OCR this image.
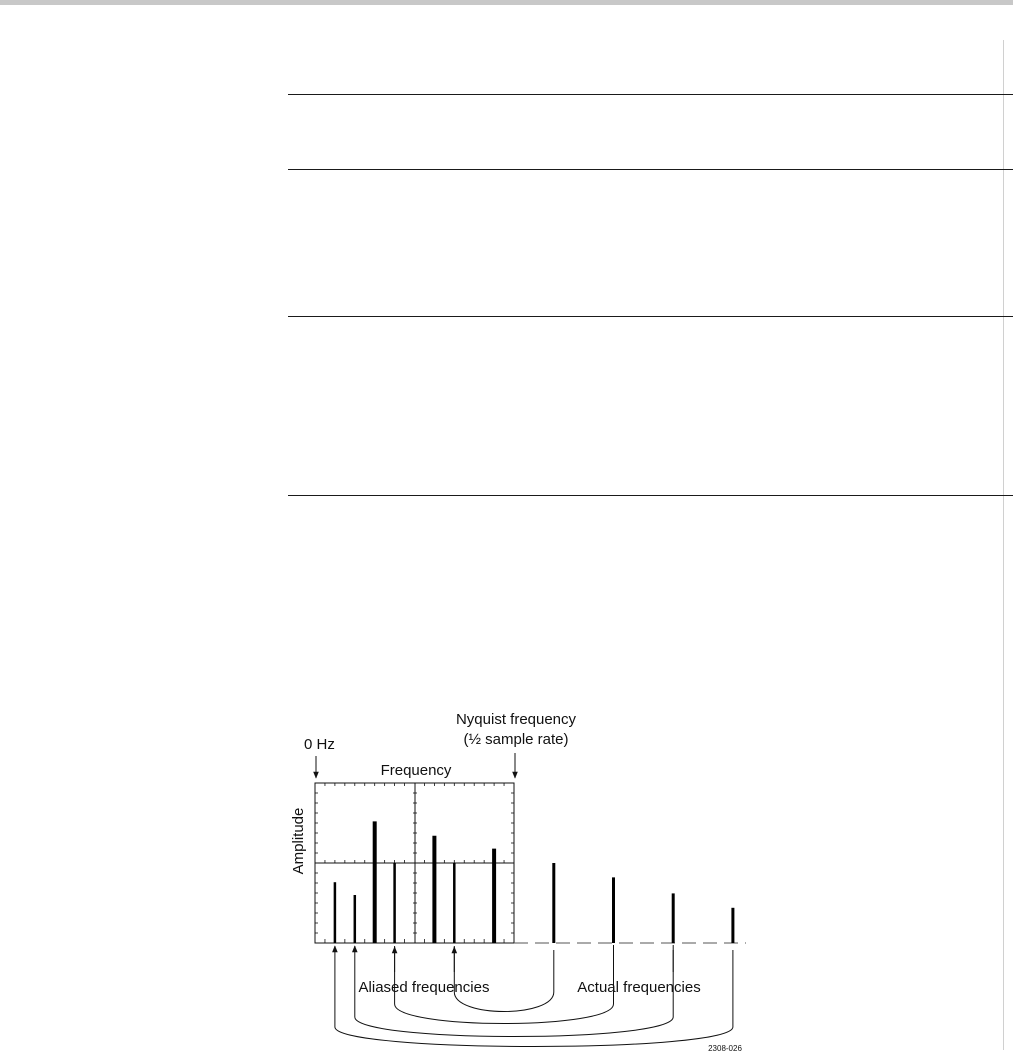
0 Hz
Nyquist frequency
(½ sample rate)
Frequency
Amplitude
Aliased frequencies	Actual frequencies
2308-026
